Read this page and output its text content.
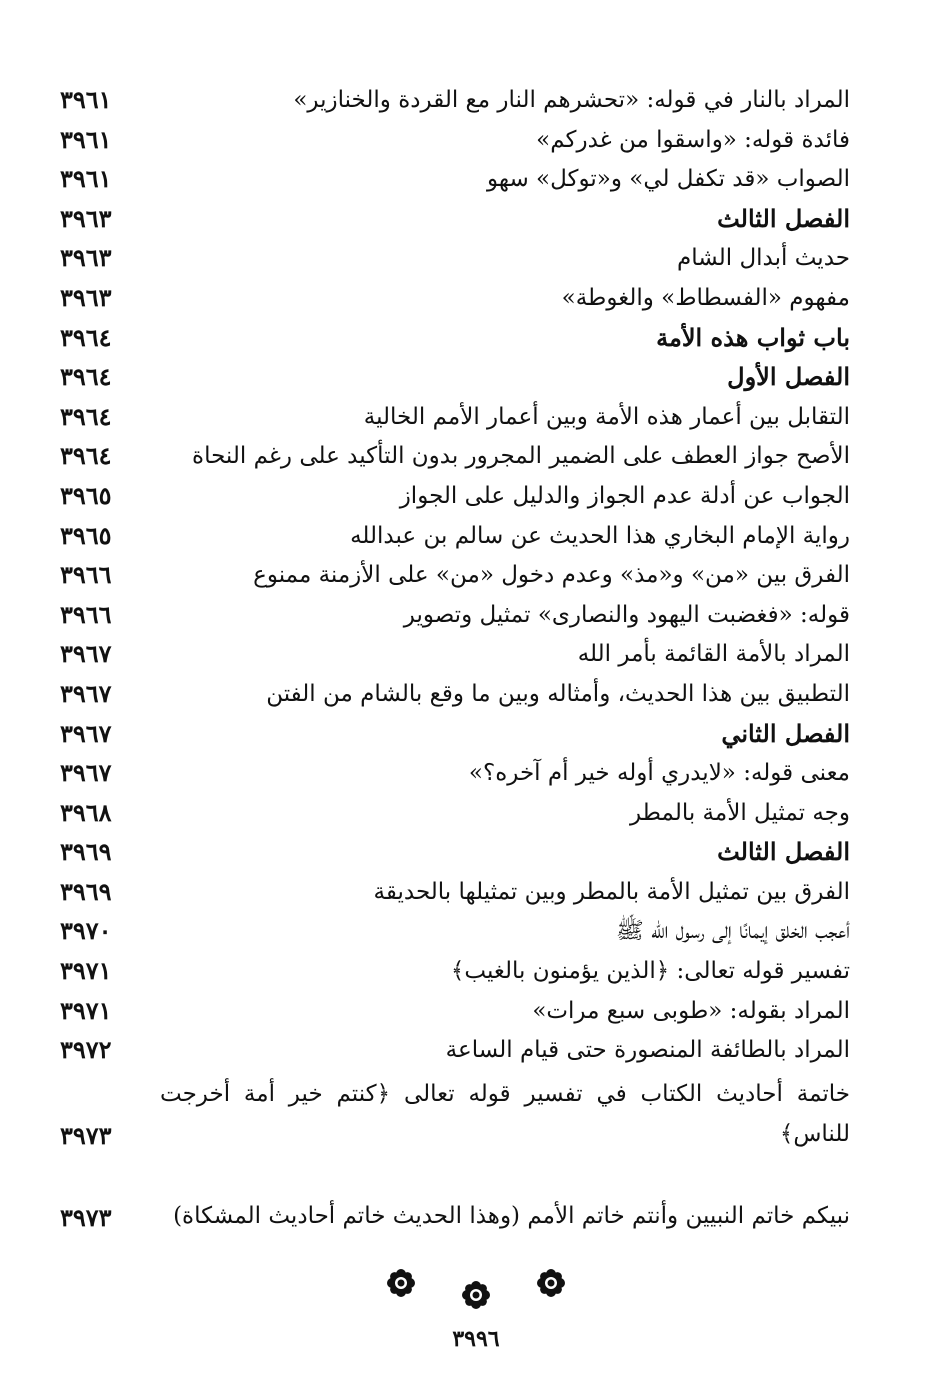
المراد بالنار في قوله: «تحشرهم النار مع القردة والخنازير»
٣٩٦١
فائدة قوله: «واسقوا من غدركم»
٣٩٦١
الصواب «قد تكفل لي» و«توكل» سهو
٣٩٦١
الفصل الثالث
٣٩٦٣
حديث أبدال الشام
٣٩٦٣
مفهوم «الفسطاط» والغوطة»
٣٩٦٣
باب ثواب هذه الأمة
٣٩٦٤
الفصل الأول
٣٩٦٤
التقابل بين أعمار هذه الأمة وبين أعمار الأمم الخالية
٣٩٦٤
الأصح جواز العطف على الضمير المجرور بدون التأكيد على رغم النحاة
٣٩٦٤
الجواب عن أدلة عدم الجواز والدليل على الجواز
٣٩٦٥
رواية الإمام البخاري هذا الحديث عن سالم بن عبدالله
٣٩٦٥
الفرق بين «من» و«مذ» وعدم دخول «من» على الأزمنة ممنوع
٣٩٦٦
قوله: «فغضبت اليهود والنصارى» تمثيل وتصوير
٣٩٦٦
المراد بالأمة القائمة بأمر الله
٣٩٦٧
التطبيق بين هذا الحديث، وأمثاله وبين ما وقع بالشام من الفتن
٣٩٦٧
الفصل الثاني
٣٩٦٧
معنى قوله: «لايدري أوله خير أم آخره؟»
٣٩٦٧
وجه تمثيل الأمة بالمطر
٣٩٦٨
الفصل الثالث
٣٩٦٩
الفرق بين تمثيل الأمة بالمطر وبين تمثيلها بالحديقة
٣٩٦٩
أعجب الخلق إيمانًا إلى رسول الله ﷺ
٣٩٧٠
تفسير قوله تعالى: ﴿الذين يؤمنون بالغيب﴾
٣٩٧١
المراد بقوله: «طوبى سبع مرات»
٣٩٧١
المراد بالطائفة المنصورة حتى قيام الساعة
٣٩٧٢
خاتمة أحاديث الكتاب في تفسير قوله تعالى ﴿كنتم خير أمة أخرجت للناس﴾
٣٩٧٣
نبيكم خاتم النبيين وأنتم خاتم الأمم (وهذا الحديث خاتم أحاديث المشكاة)
٣٩٧٣

٣٩٩٦
